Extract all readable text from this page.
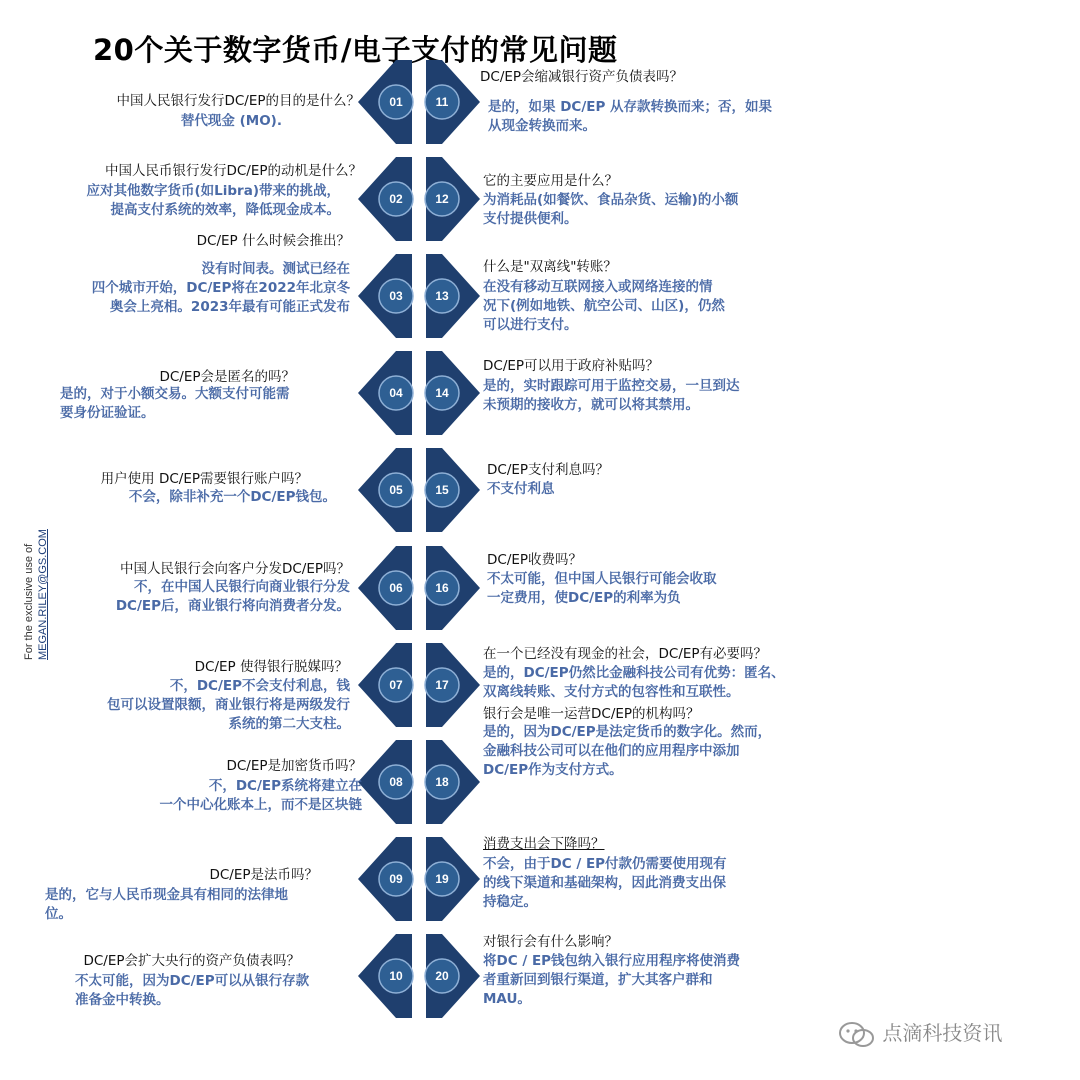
20个关于数字货币/电子支付的常见问题
For the exclusive use of MEGAN.RILEY@GS.COM
01
中国人民银行发行DC/EP的目的是什么？
替代现金 (MO).
02
中国人民币银行发行DC/EP的动机是什么？
应对其他数字货币(如Libra)带来的挑战，
提高支付系统的效率，降低现金成本。
03
DC/EP 什么时候会推出？
没有时间表。测试已经在
四个城市开始，DC/EP将在2022年北京冬
奥会上亮相。2023年最有可能正式发布
04
DC/EP会是匿名的吗？
是的，对于小额交易。大额支付可能需
要身份证验证。
05
用户使用 DC/EP需要银行账户吗？
不会，除非补充一个DC/EP钱包。
06
中国人民银行会向客户分发DC/EP吗？
不，在中国人民银行向商业银行分发
DC/EP后，商业银行将向消费者分发。
07
DC/EP 使得银行脱媒吗？
不，DC/EP不会支付利息，钱
包可以设置限额，商业银行将是两级发行
系统的第二大支柱。
08
DC/EP是加密货币吗？
不，DC/EP系统将建立在
一个中心化账本上，而不是区块链
09
DC/EP是法币吗？
是的，它与人民币现金具有相同的法律地
位。
10
DC/EP会扩大央行的资产负债表吗？
不太可能，因为DC/EP可以从银行存款
准备金中转换。
11
DC/EP会缩减银行资产负债表吗？
是的，如果 DC/EP 从存款转换而来；否，如果
从现金转换而来。
12
它的主要应用是什么？
为消耗品(如餐饮、食品杂货、运输)的小额
支付提供便利。
13
什么是"双离线"转账？
在没有移动互联网接入或网络连接的情
况下(例如地铁、航空公司、山区)，仍然
可以进行支付。
14
DC/EP可以用于政府补贴吗？
是的，实时跟踪可用于监控交易，一旦到达
未预期的接收方，就可以将其禁用。
15
DC/EP支付利息吗？
不支付利息
16
DC/EP收费吗？
不太可能，但中国人民银行可能会收取
一定费用，使DC/EP的利率为负
17
在一个已经没有现金的社会，DC/EP有必要吗？
是的，DC/EP仍然比金融科技公司有优势：匿名、
双离线转账、支付方式的包容性和互联性。
18
银行会是唯一运营DC/EP的机构吗？
是的，因为DC/EP是法定货币的数字化。然而，
金融科技公司可以在他们的应用程序中添加
DC/EP作为支付方式。
19
消费支出会下降吗？
不会，由于DC / EP付款仍需要使用现有
的线下渠道和基础架构，因此消费支出保
持稳定。
20
对银行会有什么影响？
将DC / EP钱包纳入银行应用程序将使消费
者重新回到银行渠道，扩大其客户群和
MAU。
点滴科技资讯
